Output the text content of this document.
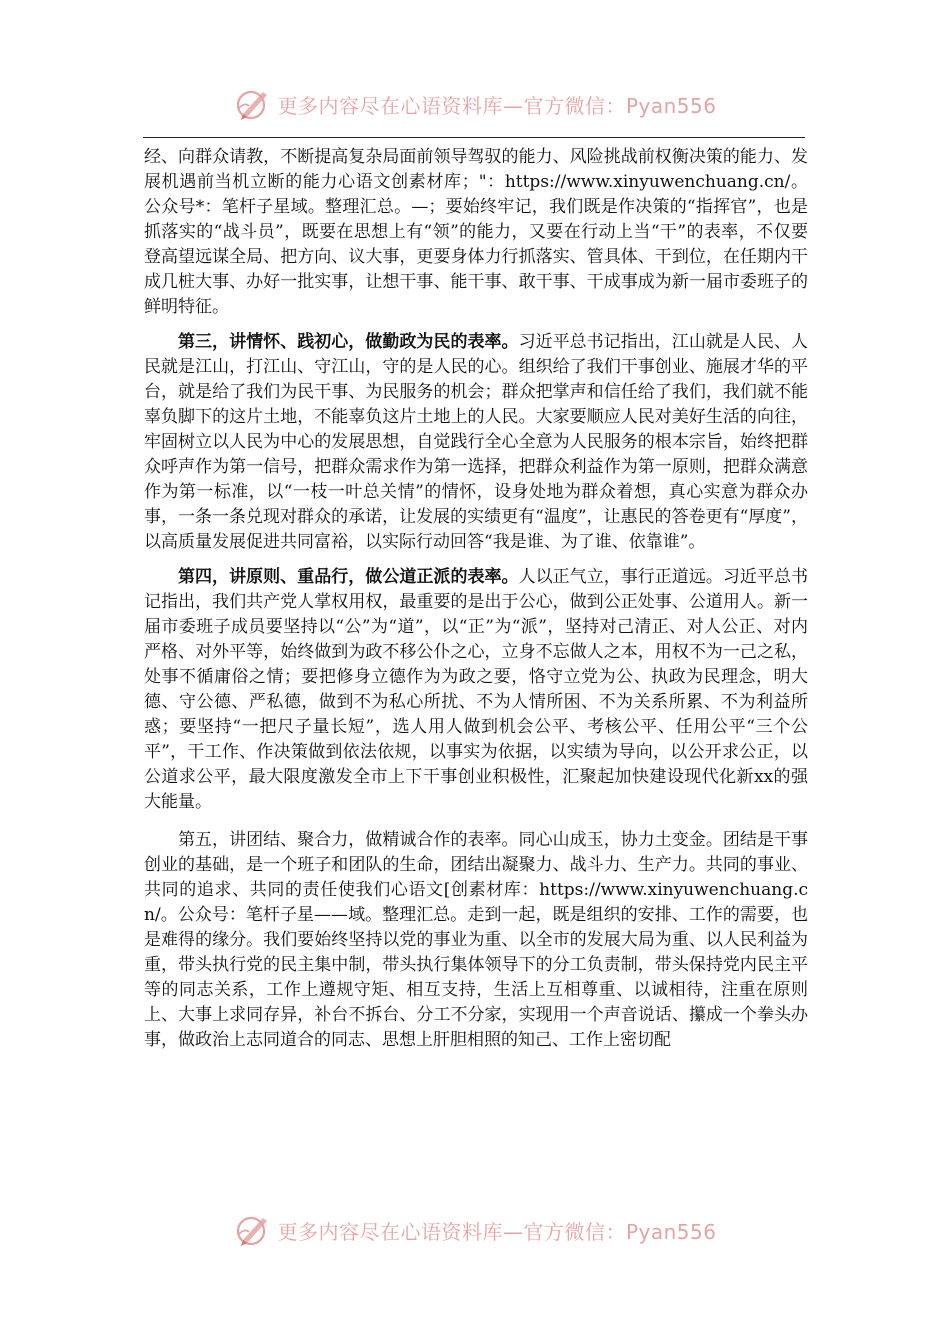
更多内容尽在心语资料库—官方微信：Pyan556

经、向群众请教，不断提高复杂局面前领导驾驭的能力、风险挑战前权衡决策的能力、发展机遇前当机立断的能力心语文创素材库；"：https://www.xinyuwenchuang.cn/。公众号*：笔杆子星域。整理汇总。—；要始终牢记，我们既是作决策的“指挥官”，也是抓落实的“战斗员”，既要在思想上有“领”的能力，又要在行动上当“干”的表率，不仅要登高望远谋全局、把方向、议大事，更要身体力行抓落实、管具体、干到位，在任期内干成几桩大事、办好一批实事，让想干事、能干事、敢干事、干成事成为新一届市委班子的鲜明特征。

第三，讲情怀、践初心，做勤政为民的表率。习近平总书记指出，江山就是人民、人民就是江山，打江山、守江山，守的是人民的心。组织给了我们干事创业、施展才华的平台，就是给了我们为民干事、为民服务的机会；群众把掌声和信任给了我们，我们就不能辜负脚下的这片土地，不能辜负这片土地上的人民。大家要顺应人民对美好生活的向往，牢固树立以人民为中心的发展思想，自觉践行全心全意为人民服务的根本宗旨，始终把群众呼声作为第一信号，把群众需求作为第一选择，把群众利益作为第一原则，把群众满意作为第一标准，以“一枝一叶总关情”的情怀，设身处地为群众着想，真心实意为群众办事，一条一条兑现对群众的承诺，让发展的实绩更有“温度”，让惠民的答卷更有“厚度”，以高质量发展促进共同富裕，以实际行动回答“我是谁、为了谁、依靠谁”。

第四，讲原则、重品行，做公道正派的表率。人以正气立，事行正道远。习近平总书记指出，我们共产党人掌权用权，最重要的是出于公心，做到公正处事、公道用人。新一届市委班子成员要坚持以“公”为“道”，以“正”为“派”，坚持对己清正、对人公正、对内严格、对外平等，始终做到为政不移公仆之心，立身不忘做人之本，用权不为一己之私，处事不循庸俗之情；要把修身立德作为为政之要，恪守立党为公、执政为民理念，明大德、守公德、严私德，做到不为私心所扰、不为人情所困、不为关系所累、不为利益所惑；要坚持“一把尺子量长短”，选人用人做到机会公平、考核公平、任用公平“三个公平”，干工作、作决策做到依法依规，以事实为依据，以实绩为导向，以公开求公正，以公道求公平，最大限度激发全市上下干事创业积极性，汇聚起加快建设现代化新xx的强大能量。

第五，讲团结、聚合力，做精诚合作的表率。同心山成玉，协力土变金。团结是干事创业的基础，是一个班子和团队的生命，团结出凝聚力、战斗力、生产力。共同的事业、共同的追求、共同的责任使我们心语文[创素材库：https://www.xinyuwenchuang.cn/。公众号：笔杆子星——域。整理汇总。走到一起，既是组织的安排、工作的需要，也是难得的缘分。我们要始终坚持以党的事业为重、以全市的发展大局为重、以人民利益为重，带头执行党的民主集中制，带头执行集体领导下的分工负责制，带头保持党内民主平等的同志关系，工作上遵规守矩、相互支持，生活上互相尊重、以诚相待，注重在原则上、大事上求同存异，补台不拆台、分工不分家，实现用一个声音说话、攥成一个拳头办事，做政治上志同道合的同志、思想上肝胆相照的知己、工作上密切配

更多内容尽在心语资料库—官方微信：Pyan556
